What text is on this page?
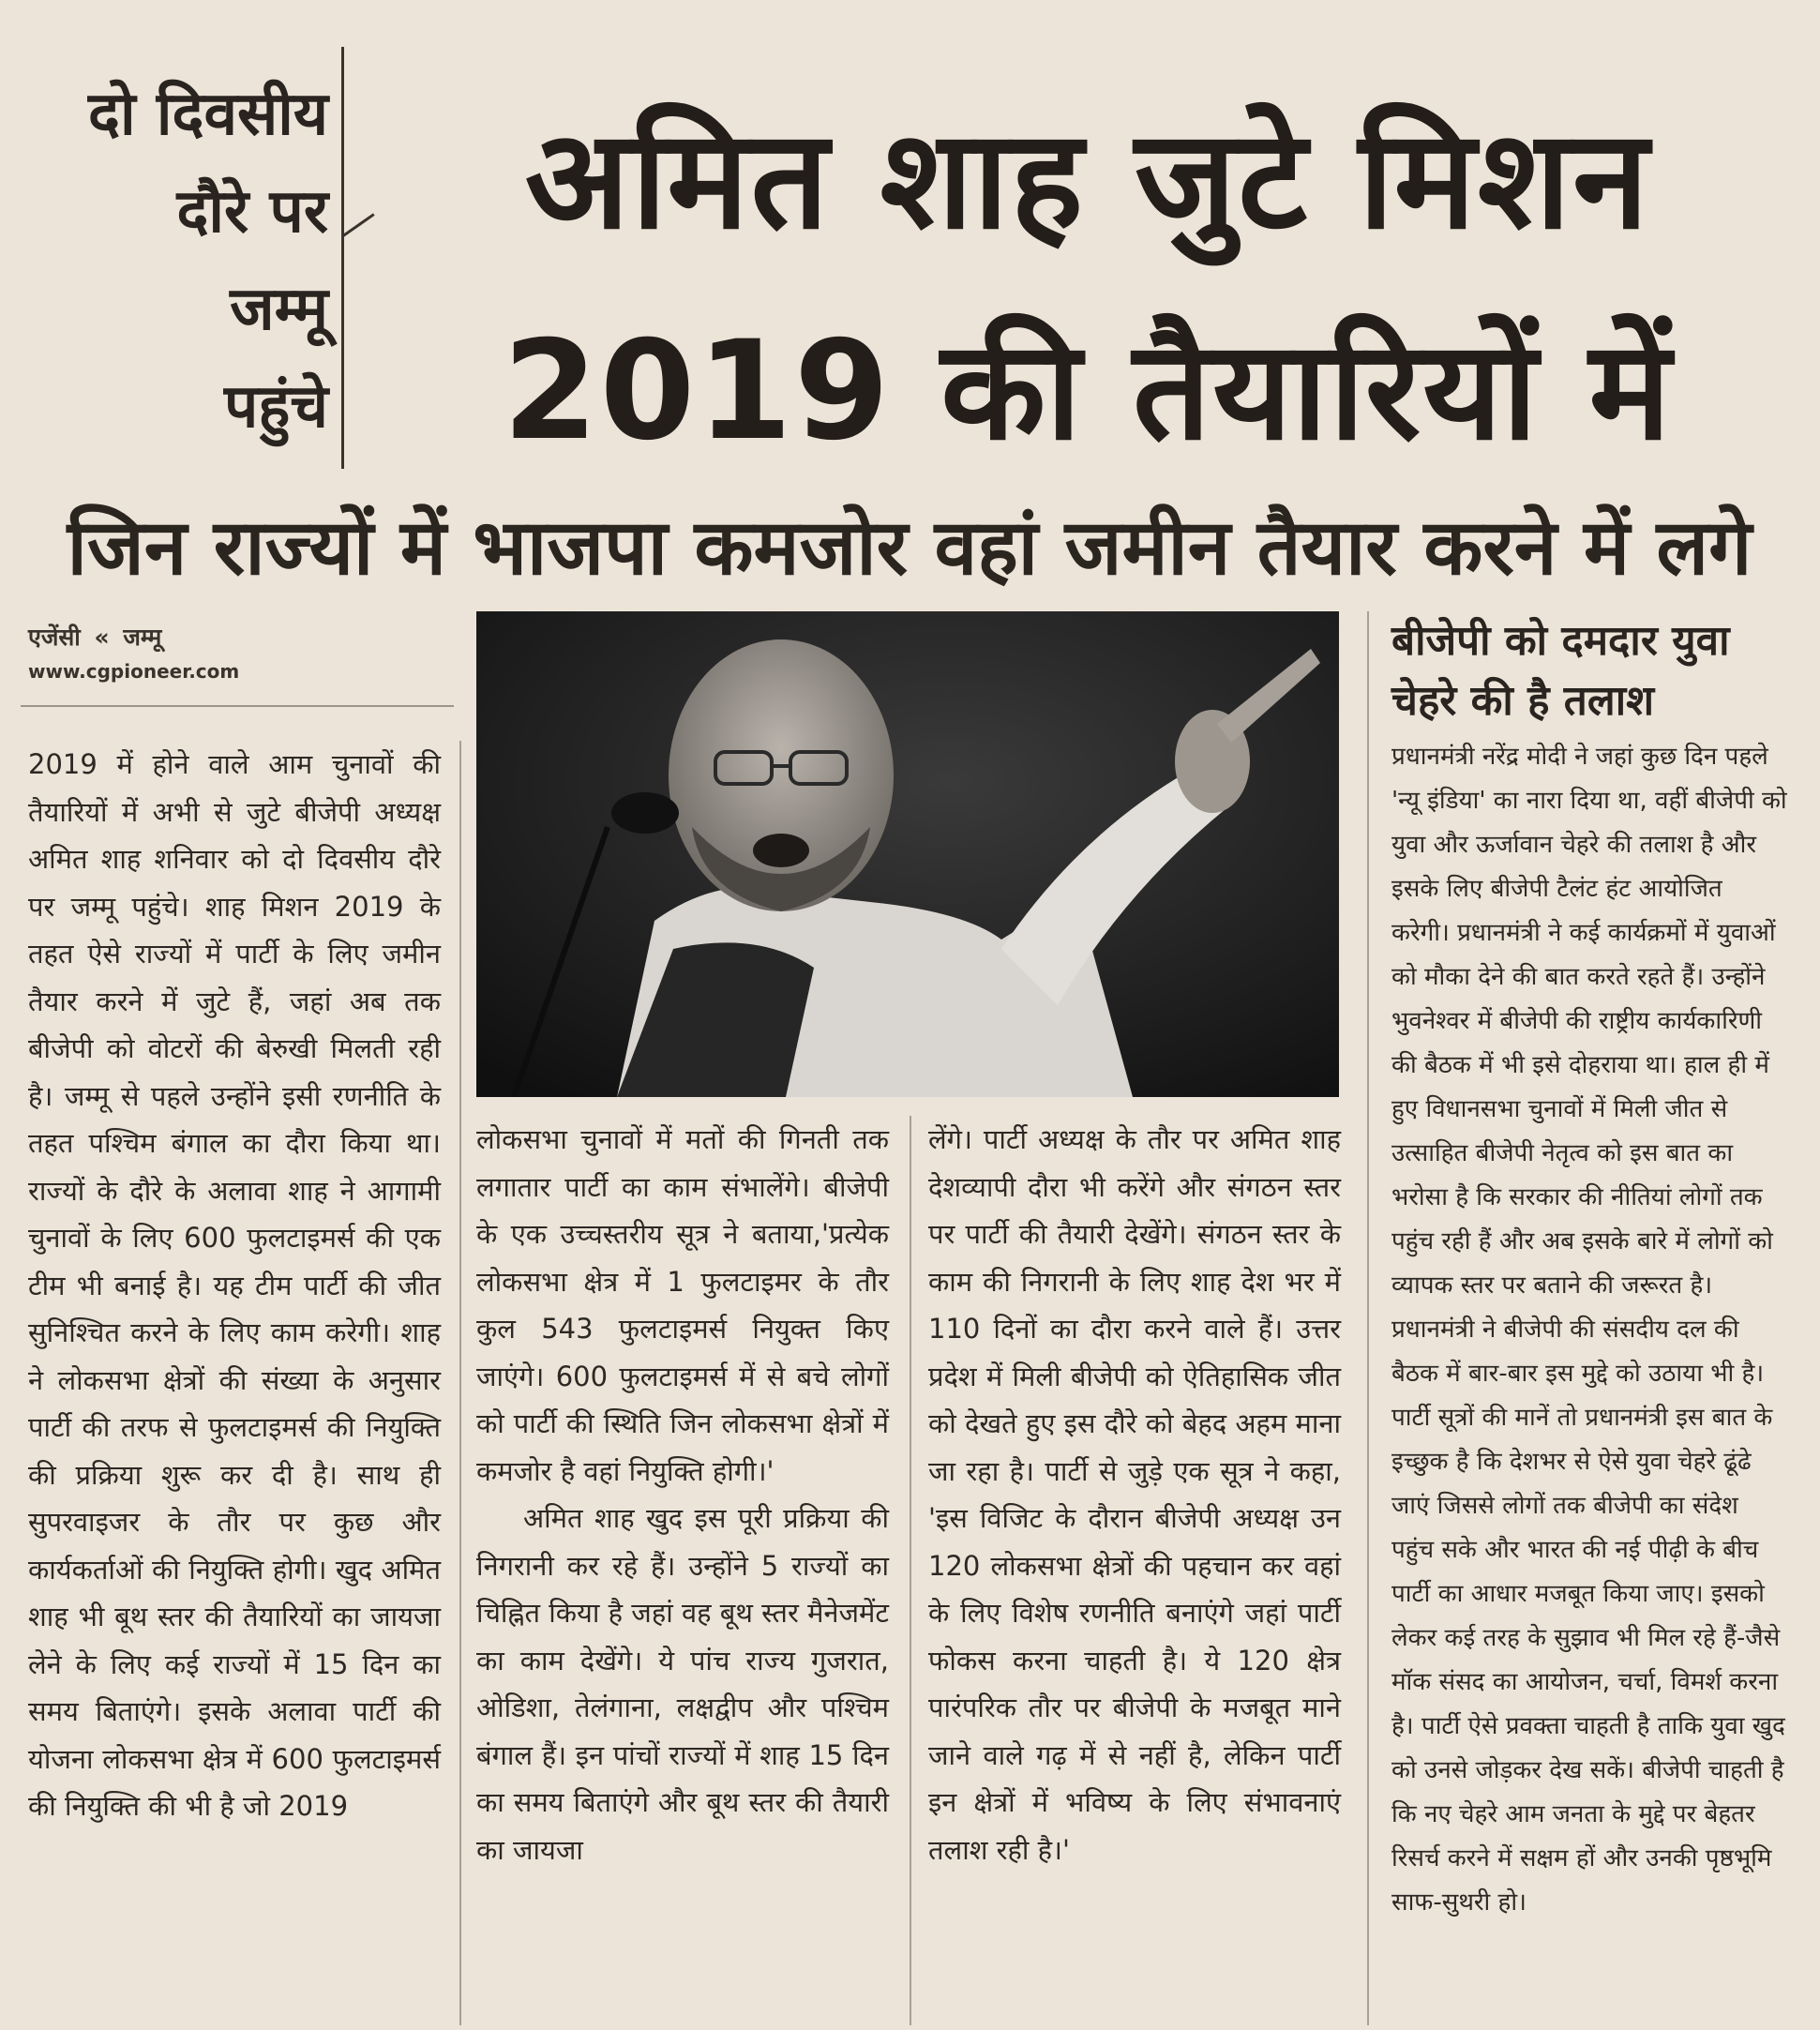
दो दिवसीय
दौरे पर
जम्मू
पहुंचे
अमित शाह जुटे मिशन
2019 की तैयारियों में
जिन राज्यों में भाजपा कमजोर वहां जमीन तैयार करने में लगे
एजेंसी « जम्मू
www.cgpioneer.com

2019 में होने वाले आम चुनावों की तैयारियों में अभी से जुटे बीजेपी अध्यक्ष अमित शाह शनिवार को दो दिवसीय दौरे पर जम्मू पहुंचे। शाह मिशन 2019 के तहत ऐसे राज्यों में पार्टी के लिए जमीन तैयार करने में जुटे हैं, जहां अब तक बीजेपी को वोटरों की बेरुखी मिलती रही है। जम्मू से पहले उन्होंने इसी रणनीति के तहत पश्चिम बंगाल का दौरा किया था। राज्यों के दौरे के अलावा शाह ने आगामी चुनावों के लिए 600 फुलटाइमर्स की एक टीम भी बनाई है। यह टीम पार्टी की जीत सुनिश्चित करने के लिए काम करेगी। शाह ने लोकसभा क्षेत्रों की संख्या के अनुसार पार्टी की तरफ से फुलटाइमर्स की नियुक्ति की प्रक्रिया शुरू कर दी है। साथ ही सुपरवाइजर के तौर पर कुछ और कार्यकर्ताओं की नियुक्ति होगी। खुद अमित शाह भी बूथ स्तर की तैयारियों का जायजा लेने के लिए कई राज्यों में 15 दिन का समय बिताएंगे। इसके अलावा पार्टी की योजना लोकसभा क्षेत्र में 600 फुलटाइमर्स की नियुक्ति की भी है जो 2019

लोकसभा चुनावों में मतों की गिनती तक लगातार पार्टी का काम संभालेंगे। बीजेपी के एक उच्चस्तरीय सूत्र ने बताया,'प्रत्येक लोकसभा क्षेत्र में 1 फुलटाइमर के तौर कुल 543 फुलटाइमर्स नियुक्त किए जाएंगे। 600 फुलटाइमर्स में से बचे लोगों को पार्टी की स्थिति जिन लोकसभा क्षेत्रों में कमजोर है वहां नियुक्ति होगी।'

अमित शाह खुद इस पूरी प्रक्रिया की निगरानी कर रहे हैं। उन्होंने 5 राज्यों का चिह्नित किया है जहां वह बूथ स्तर मैनेजमेंट का काम देखेंगे। ये पांच राज्य गुजरात, ओडिशा, तेलंगाना, लक्षद्वीप और पश्चिम बंगाल हैं। इन पांचों राज्यों में शाह 15 दिन का समय बिताएंगे और बूथ स्तर की तैयारी का जायजा

लेंगे। पार्टी अध्यक्ष के तौर पर अमित शाह देशव्यापी दौरा भी करेंगे और संगठन स्तर पर पार्टी की तैयारी देखेंगे। संगठन स्तर के काम की निगरानी के लिए शाह देश भर में 110 दिनों का दौरा करने वाले हैं। उत्तर प्रदेश में मिली बीजेपी को ऐतिहासिक जीत को देखते हुए इस दौरे को बेहद अहम माना जा रहा है। पार्टी से जुड़े एक सूत्र ने कहा, 'इस विजिट के दौरान बीजेपी अध्यक्ष उन 120 लोकसभा क्षेत्रों की पहचान कर वहां के लिए विशेष रणनीति बनाएंगे जहां पार्टी फोकस करना चाहती है। ये 120 क्षेत्र पारंपरिक तौर पर बीजेपी के मजबूत माने जाने वाले गढ़ में से नहीं है, लेकिन पार्टी इन क्षेत्रों में भविष्य के लिए संभावनाएं तलाश रही है।'

बीजेपी को दमदार युवा चेहरे की है तलाश
प्रधानमंत्री नरेंद्र मोदी ने जहां कुछ दिन पहले 'न्यू इंडिया' का नारा दिया था, वहीं बीजेपी को युवा और ऊर्जावान चेहरे की तलाश है और इसके लिए बीजेपी टैलंट हंट आयोजित करेगी। प्रधानमंत्री ने कई कार्यक्रमों में युवाओं को मौका देने की बात करते रहते हैं। उन्होंने भुवनेश्वर में बीजेपी की राष्ट्रीय कार्यकारिणी की बैठक में भी इसे दोहराया था। हाल ही में हुए विधानसभा चुनावों में मिली जीत से उत्साहित बीजेपी नेतृत्व को इस बात का भरोसा है कि सरकार की नीतियां लोगों तक पहुंच रही हैं और अब इसके बारे में लोगों को व्यापक स्तर पर बताने की जरूरत है। प्रधानमंत्री ने बीजेपी की संसदीय दल की बैठक में बार-बार इस मुद्दे को उठाया भी है। पार्टी सूत्रों की मानें तो प्रधानमंत्री इस बात के इच्छुक है कि देशभर से ऐसे युवा चेहरे ढूंढे जाएं जिससे लोगों तक बीजेपी का संदेश पहुंच सके और भारत की नई पीढ़ी के बीच पार्टी का आधार मजबूत किया जाए। इसको लेकर कई तरह के सुझाव भी मिल रहे हैं-जैसे मॉक संसद का आयोजन, चर्चा, विमर्श करना है। पार्टी ऐसे प्रवक्ता चाहती है ताकि युवा खुद को उनसे जोड़कर देख सकें। बीजेपी चाहती है कि नए चेहरे आम जनता के मुद्दे पर बेहतर रिसर्च करने में सक्षम हों और उनकी पृष्ठभूमि साफ-सुथरी हो।
